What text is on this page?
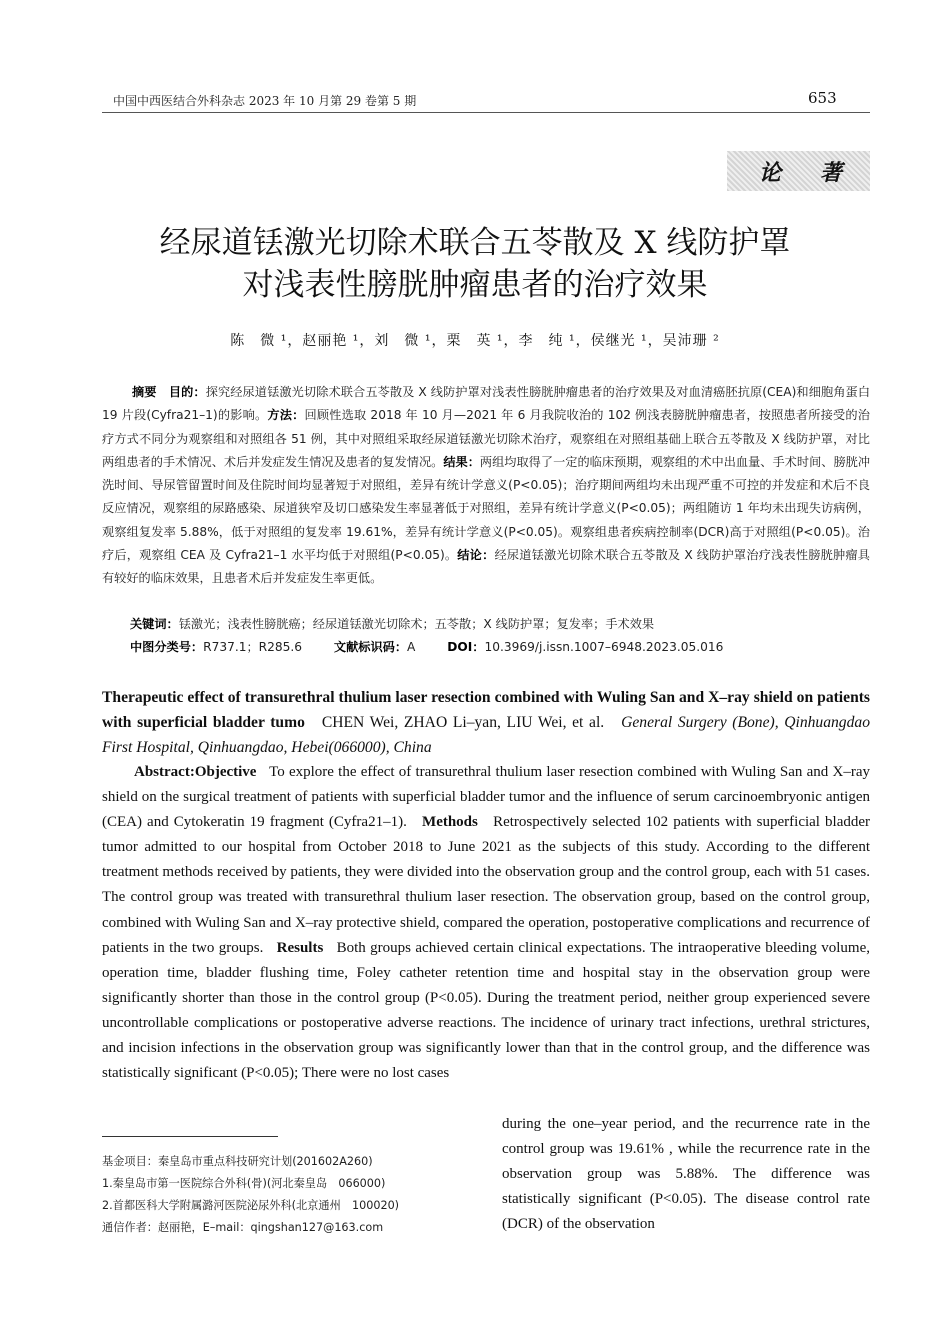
中国中西医结合外科杂志 2023 年 10 月第 29 卷第 5 期	653
论 著
经尿道铥激光切除术联合五苓散及 X 线防护罩
对浅表性膀胱肿瘤患者的治疗效果
陈　微 ¹，赵丽艳 ¹，刘　微 ¹，栗　英 ¹，李　纯 ¹，侯继光 ¹，吴沛珊 ²
摘要　 目的：探究经尿道铥激光切除术联合五苓散及 X 线防护罩对浅表性膀胱肿瘤患者的治疗效果及对血清癌胚抗原(CEA)和细胞角蛋白 19 片段(Cyfra21–1)的影响。方法：回顾性选取 2018 年 10 月—2021 年 6 月我院收治的 102 例浅表膀胱肿瘤患者，按照患者所接受的治疗方式不同分为观察组和对照组各 51 例，其中对照组采取经尿道铥激光切除术治疗，观察组在对照组基础上联合五苓散及 X 线防护罩，对比两组患者的手术情况、术后并发症发生情况及患者的复发情况。结果：两组均取得了一定的临床预期，观察组的术中出血量、手术时间、膀胱冲洗时间、导尿管留置时间及住院时间均显著短于对照组，差异有统计学意义(P<0.05)；治疗期间两组均未出现严重不可控的并发症和术后不良反应情况，观察组的尿路感染、尿道狭窄及切口感染发生率显著低于对照组，差异有统计学意义(P<0.05)；两组随访 1 年均未出现失访病例，观察组复发率 5.88%，低于对照组的复发率 19.61%，差异有统计学意义(P<0.05)。观察组患者疾病控制率(DCR)高于对照组(P<0.05)。治疗后，观察组 CEA 及 Cyfra21–1 水平均低于对照组(P<0.05)。结论：经尿道铥激光切除术联合五苓散及 X 线防护罩治疗浅表性膀胱肿瘤具有较好的临床效果，且患者术后并发症发生率更低。
关键词：铥激光；浅表性膀胱癌；经尿道铥激光切除术；五苓散；X 线防护罩；复发率；手术效果
中图分类号：R737.1；R285.6	文献标识码：A	DOI：10.3969/j.issn.1007–6948.2023.05.016
Therapeutic effect of transurethral thulium laser resection combined with Wuling San and X–ray shield on patients with superficial bladder tumo CHEN Wei, ZHAO Li–yan, LIU Wei, et al. General Surgery (Bone), Qinhuangdao First Hospital, Qinhuangdao, Hebei(066000), China
Abstract:Objective To explore the effect of transurethral thulium laser resection combined with Wuling San and X–ray shield on the surgical treatment of patients with superficial bladder tumor and the influence of serum carcinoembryonic antigen (CEA) and Cytokeratin 19 fragment (Cyfra21–1). Methods Retrospectively selected 102 patients with superficial bladder tumor admitted to our hospital from October 2018 to June 2021 as the subjects of this study. According to the different treatment methods received by patients, they were divided into the observation group and the control group, each with 51 cases. The control group was treated with transurethral thulium laser resection. The observation group, based on the control group, combined with Wuling San and X–ray protective shield, compared the operation, postoperative complications and recurrence of patients in the two groups. Results Both groups achieved certain clinical expectations. The intraoperative bleeding volume, operation time, bladder flushing time, Foley catheter retention time and hospital stay in the observation group were significantly shorter than those in the control group (P<0.05). During the treatment period, neither group experienced severe uncontrollable complications or postoperative adverse reactions. The incidence of urinary tract infections, urethral strictures, and incision infections in the observation group was significantly lower than that in the control group, and the difference was statistically significant (P<0.05); There were no lost cases
during the one–year period, and the recurrence rate in the control group was 19.61% , while the recurrence rate in the observation group was 5.88%. The difference was statistically significant (P<0.05). The disease control rate (DCR) of the observation
基金项目：秦皇岛市重点科技研究计划(201602A260)
1.秦皇岛市第一医院综合外科(骨)(河北秦皇岛　066000)
2.首都医科大学附属潞河医院泌尿外科(北京通州　100020)
通信作者：赵丽艳，E–mail：qingshan127@163.com
